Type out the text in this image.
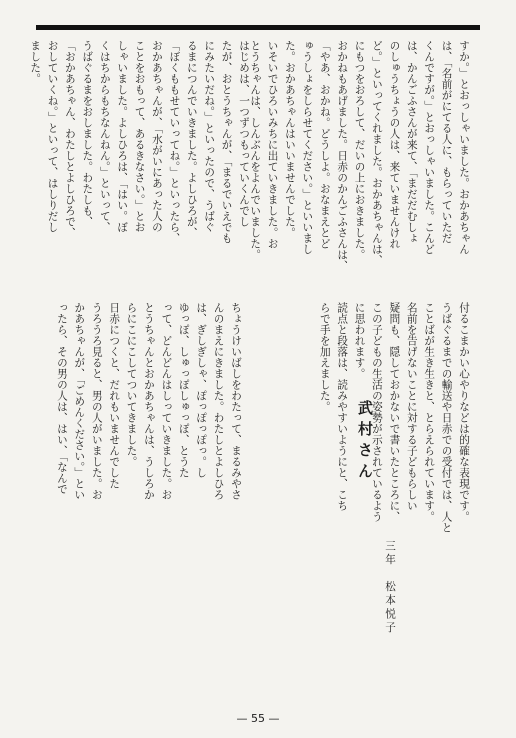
すか。」とおっしゃいました。おかあちゃん
は、「名前がにてる人に、もらっていただ
くんですが。」とおっしゃいました。こんど
は、かんごふさんが来て、「まだだむしょ
のしゅうちょうの人は、来ていませんけれ
ど。」といってくれました。おかあちゃんは、
にもつをおろして、だいの上におきました。
おかねもあげました。日赤のかんごふさんは、
「やあ、おかね。どうしよ。おなまえとど
ゅうしょをしらせてください。」といいまし
た。おかあちゃんはいいませんでした。
いそいでひろいみちに出ていきました。お
とうちゃんは、しんぶんをよんでいました。
はじめは、一つずつもっていくんでし
たが、おとうちゃんが、「まるでいえでも
にみたいだね。」といったので、うばぐ
るまにつんでいきました。よしひろが、
「ぼくももせていってね。」といったら、
おかあちゃんが、「水がいにあった人の
ことをおもって、あるきなさい。」とお
しゃいました。よしひろは、「はい。ぼ
くはちからもちなんねん。」といって、
うばぐるまをおしました。わたしも、
「おかあちゃん、わたしとよしひろで、
おしていくね。」といって、はしりだし
ました。
付るこまかい心やりなどは的確な表現です。
うばぐるまでの輸送や日赤での受付では、人と
ことばが生き生きと、とらえられています。
名前を告げないことに対する子どもらしい
疑問も、隠しておかないで書いたところに、
この子どもの生活の姿勢が示されているよう
に思われます。
読点と段落は、読みやすいようにと、こち
らで手を加えました。
武村さん
三年　松本悦子
ちょうけいばしをわたって、まるみやさ
んのまえにきました。わたしとよしひろ
は、ぎしぎしゃ、ぽっぽっぽっ。し
ゆっぽ、しゅっぽしゅっぽ、とうた
って、どんどんはしっていきました。お
とうちゃんとおかあちゃんは、うしろか
らにこにこしてついてきました。
日赤につくと、だれもいませんでした
うろうろ見ると、男の人がいました。お
かあちゃんが、「ごめんください。」とい
ったら、その男の人は、はい、「なんで
— 55 —
